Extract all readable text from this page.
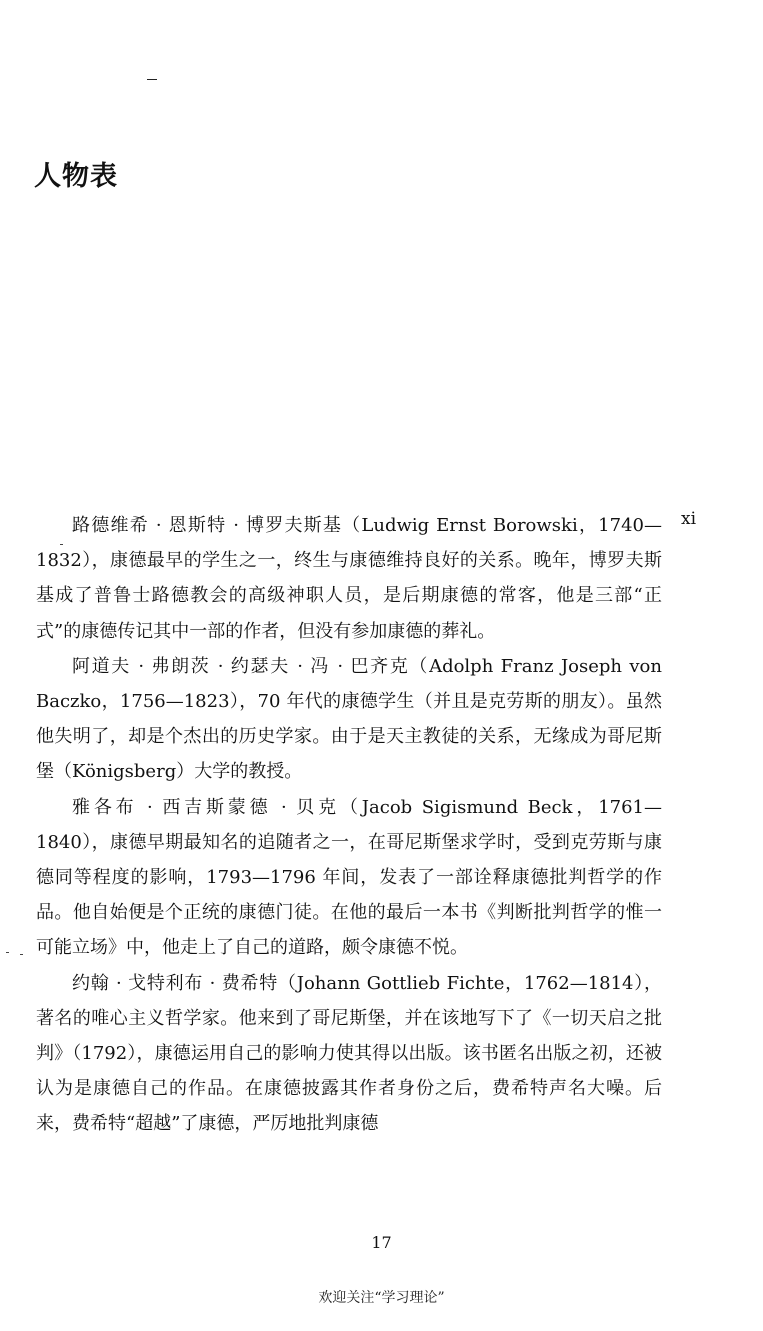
人物表
xi

路德维希 · 恩斯特 · 博罗夫斯基（Ludwig Ernst Borowski，1740—1832），康德最早的学生之一，终生与康德维持良好的关系。晚年，博罗夫斯基成了普鲁士路德教会的高级神职人员，是后期康德的常客，他是三部“正式”的康德传记其中一部的作者，但没有参加康德的葬礼。

阿道夫 · 弗朗茨 · 约瑟夫 · 冯 · 巴齐克（Adolph Franz Joseph von Baczko，1756—1823），70 年代的康德学生（并且是克劳斯的朋友）。虽然他失明了，却是个杰出的历史学家。由于是天主教徒的关系，无缘成为哥尼斯堡（Königsberg）大学的教授。

雅各布 · 西吉斯蒙德 · 贝克（Jacob Sigismund Beck，1761—1840），康德早期最知名的追随者之一，在哥尼斯堡求学时，受到克劳斯与康德同等程度的影响，1793—1796 年间，发表了一部诠释康德批判哲学的作品。他自始便是个正统的康德门徒。在他的最后一本书《判断批判哲学的惟一可能立场》中，他走上了自己的道路，颇令康德不悦。

约翰 · 戈特利布 · 费希特（Johann Gottlieb Fichte，1762—1814），著名的唯心主义哲学家。他来到了哥尼斯堡，并在该地写下了《一切天启之批判》（1792），康德运用自己的影响力使其得以出版。该书匿名出版之初，还被认为是康德自己的作品。在康德披露其作者身份之后，费希特声名大噪。后来，费希特“超越”了康德，严厉地批判康德

17
欢迎关注“学习理论”
